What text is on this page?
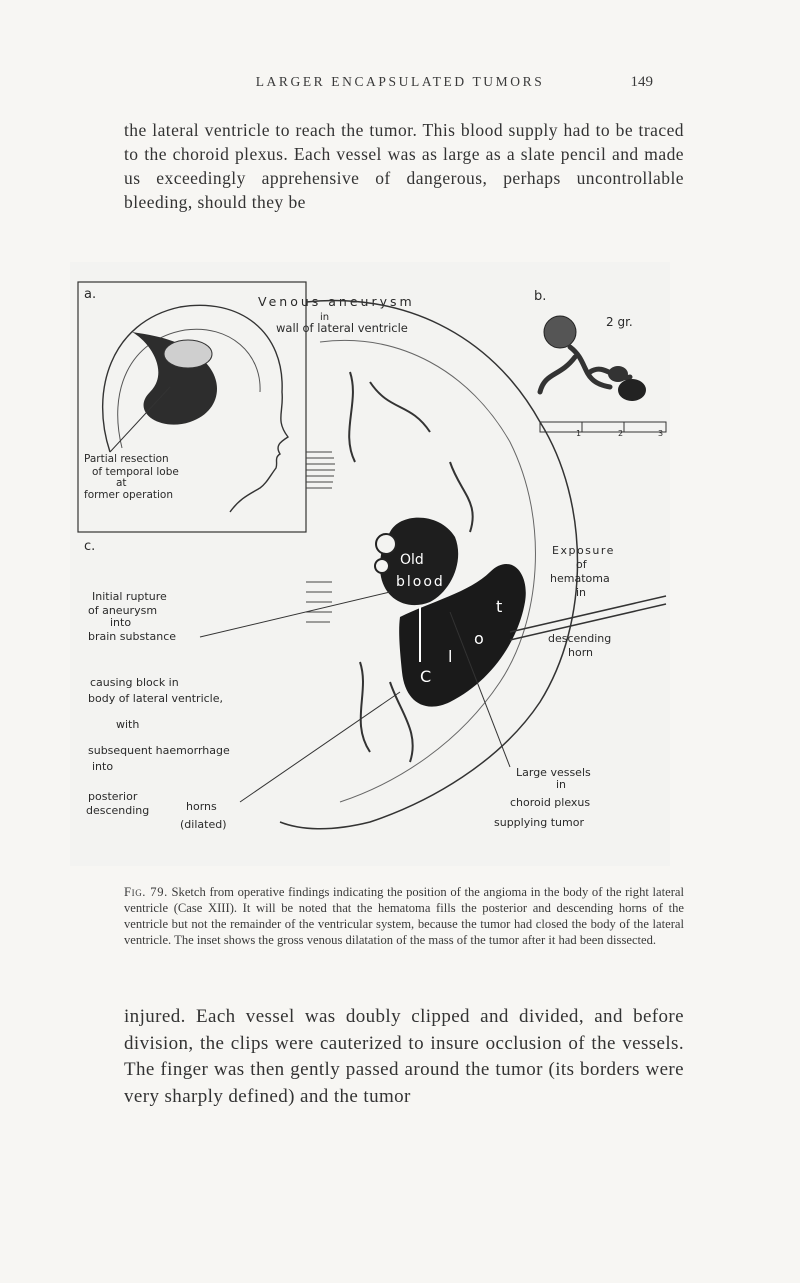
LARGER ENCAPSULATED TUMORS	149
the lateral ventricle to reach the tumor. This blood supply had to be traced to the choroid plexus. Each vessel was as large as a slate pencil and made us exceedingly apprehensive of dangerous, perhaps uncontrollable bleeding, should they be
a.
Partial resection of temporal lobe at former operation
Venous aneurysm
in
wall of lateral ventricle
b.
2 gr.
1	2	3
Old
blood
C
l
o
t
c.
Initial rupture of aneurysm into brain substance
causing block in body of lateral ventricle, with subsequent haemorrhage into
posterior descending	horns (dilated)
Exposure of hematoma in
descending horn
Large vessels in choroid plexus supplying tumor
Fig. 79. Sketch from operative findings indicating the position of the angioma in the body of the right lateral ventricle (Case XIII). It will be noted that the hematoma fills the posterior and descending horns of the ventricle but not the remainder of the ventricular system, because the tumor had closed the body of the lateral ventricle. The inset shows the gross venous dilatation of the mass of the tumor after it had been dissected.
injured. Each vessel was doubly clipped and divided, and before division, the clips were cauterized to insure occlusion of the vessels. The finger was then gently passed around the tumor (its borders were very sharply defined) and the tumor
